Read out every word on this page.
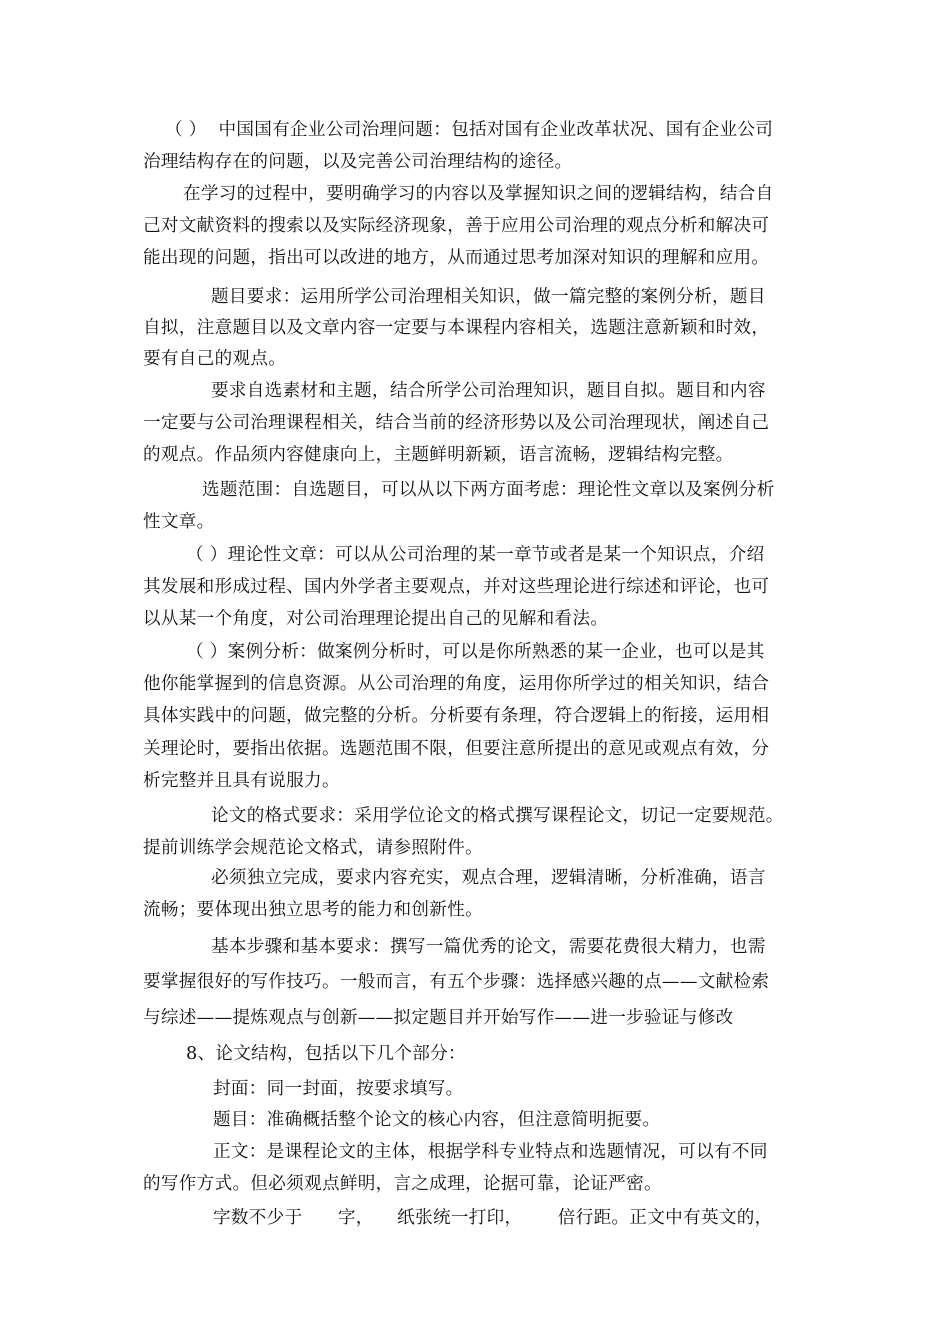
（ ）  中国国有企业公司治理问题：包括对国有企业改革状况、国有企业公司
治理结构存在的问题，以及完善公司治理结构的途径。
在学习的过程中，要明确学习的内容以及掌握知识之间的逻辑结构，结合自
己对文献资料的搜索以及实际经济现象，善于应用公司治理的观点分析和解决可
能出现的问题，指出可以改进的地方，从而通过思考加深对知识的理解和应用。
题目要求：运用所学公司治理相关知识，做一篇完整的案例分析，题目
自拟，注意题目以及文章内容一定要与本课程内容相关，选题注意新颖和时效，
要有自己的观点。
要求自选素材和主题，结合所学公司治理知识，题目自拟。题目和内容
一定要与公司治理课程相关，结合当前的经济形势以及公司治理现状，阐述自己
的观点。作品须内容健康向上，主题鲜明新颖，语言流畅，逻辑结构完整。
选题范围：自选题目，可以从以下两方面考虑：理论性文章以及案例分析
性文章。
（ ）理论性文章：可以从公司治理的某一章节或者是某一个知识点，介绍
其发展和形成过程、国内外学者主要观点，并对这些理论进行综述和评论，也可
以从某一个角度，对公司治理理论提出自己的见解和看法。
（ ）案例分析：做案例分析时，可以是你所熟悉的某一企业，也可以是其
他你能掌握到的信息资源。从公司治理的角度，运用你所学过的相关知识，结合
具体实践中的问题，做完整的分析。分析要有条理，符合逻辑上的衔接，运用相
关理论时，要指出依据。选题范围不限，但要注意所提出的意见或观点有效，分
析完整并且具有说服力。
论文的格式要求：采用学位论文的格式撰写课程论文，切记一定要规范。
提前训练学会规范论文格式，请参照附件。
必须独立完成，要求内容充实，观点合理，逻辑清晰，分析准确，语言
流畅；要体现出独立思考的能力和创新性。
基本步骤和基本要求：撰写一篇优秀的论文，需要花费很大精力，也需
要掌握很好的写作技巧。一般而言，有五个步骤：选择感兴趣的点——文献检索
与综述——提炼观点与创新——拟定题目并开始写作——进一步验证与修改
8、论文结构，包括以下几个部分：
封面：同一封面，按要求填写。
题目：准确概括整个论文的核心内容，但注意简明扼要。
正文：是课程论文的主体，根据学科专业特点和选题情况，可以有不同
的写作方式。但必须观点鲜明，言之成理，论据可靠，论证严密。
字数不少于      字，    纸张统一打印，      倍行距。正文中有英文的，
